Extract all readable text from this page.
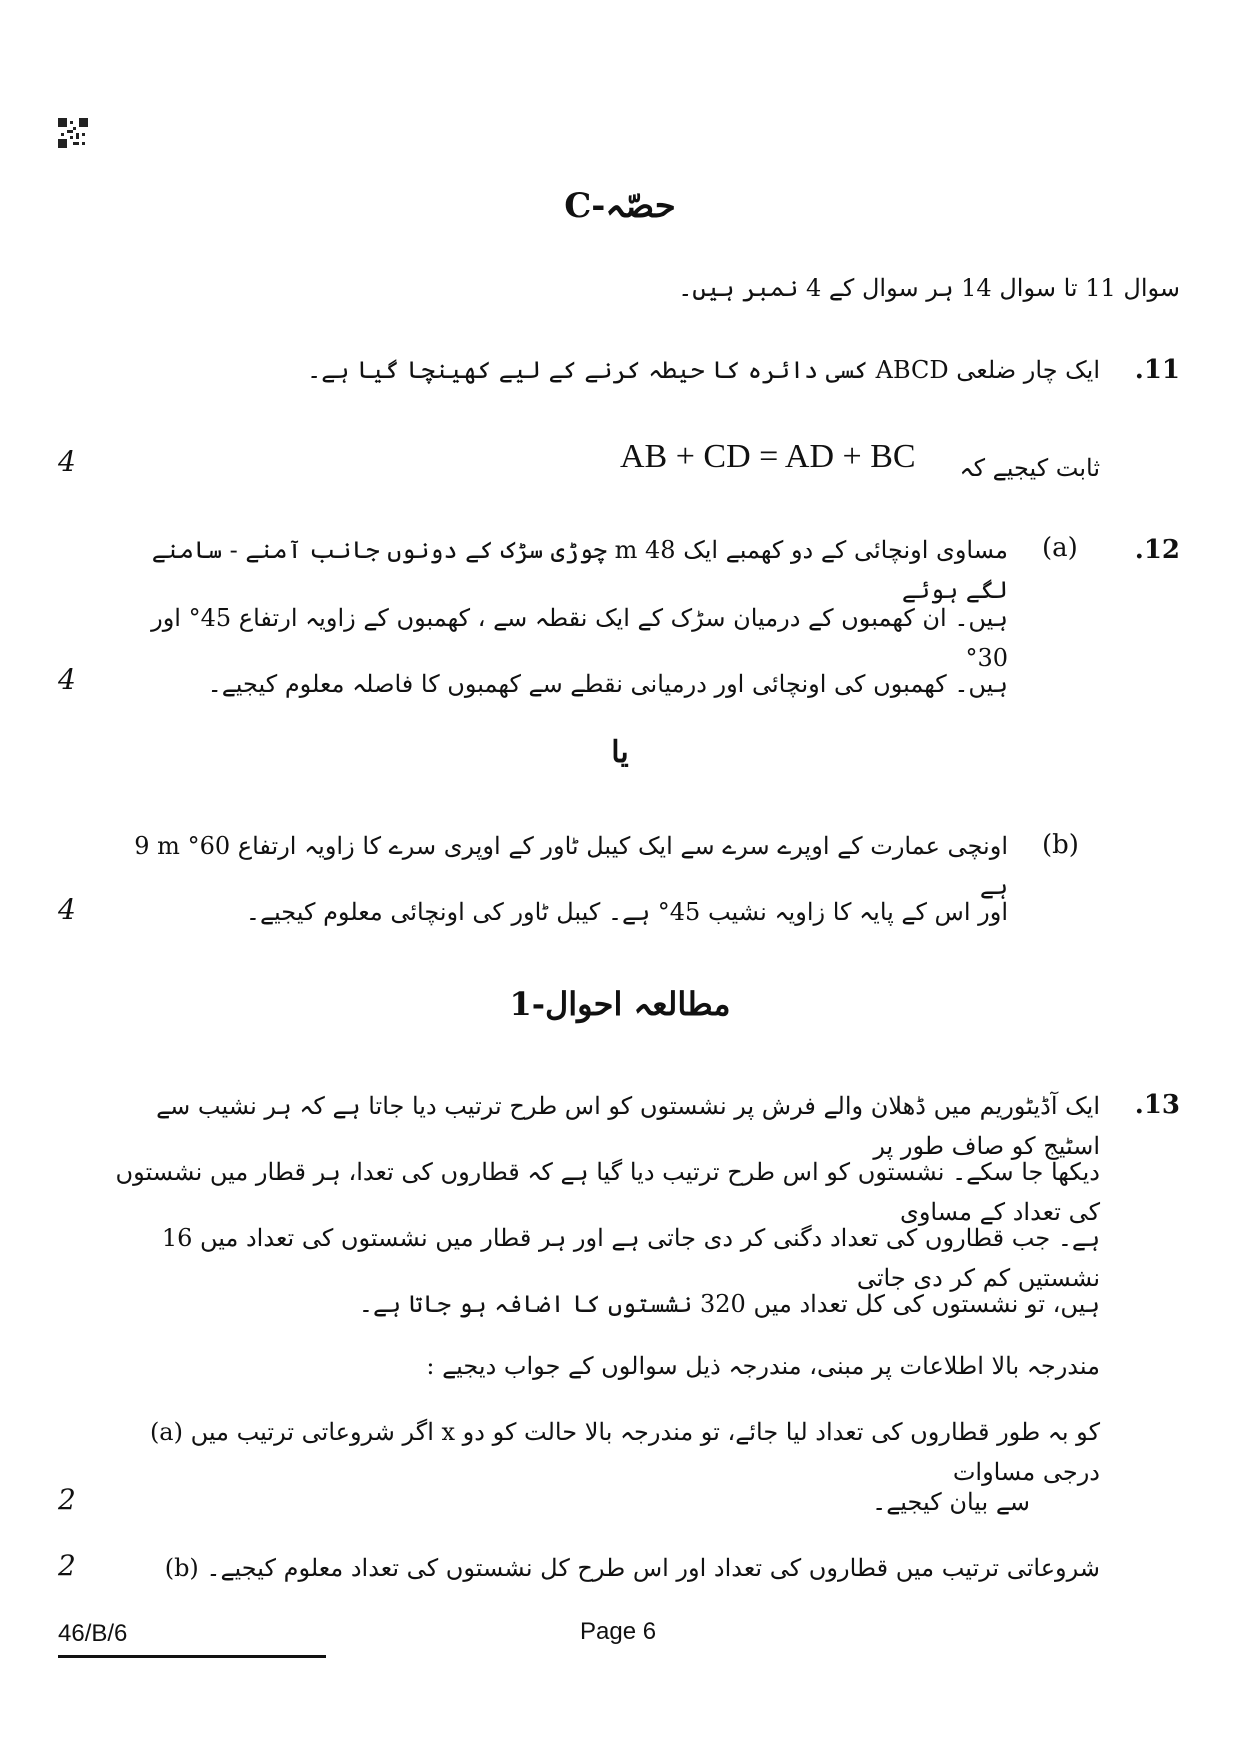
حصّہ-C
سوال 11 تا سوال 14 ہر سوال کے 4 نمبر ہیں۔
.11
ایک چار ضلعی ABCD کسی دائرہ کا حیطہ کرنے کے لیے کھینچا گیا ہے۔
ثابت کیجیے کہ
AB + CD = AD + BC
4
.12
(a)
مساوی اونچائی کے دو کھمبے ایک 48 m چوڑی سڑک کے دونوں جانب آمنے - سامنے لگے ہوئے
ہیں۔ ان کھمبوں کے درمیان سڑک کے ایک نقطہ سے ، کھمبوں کے زاویہ ارتفاع 45° اور 30°
ہیں۔ کھمبوں کی اونچائی اور درمیانی نقطے سے کھمبوں کا فاصلہ معلوم کیجیے۔
4
یا
(b)
9 m اونچی عمارت کے اوپرے سرے سے ایک کیبل ٹاور کے اوپری سرے کا زاویہ ارتفاع 60° ہے
اور اس کے پایہ کا زاویہ نشیب 45° ہے۔ کیبل ٹاور کی اونچائی معلوم کیجیے۔
4
مطالعہ احوال-1
.13
ایک آڈیٹوریم میں ڈھلان والے فرش پر نشستوں کو اس طرح ترتیب دیا جاتا ہے کہ ہر نشیب سے اسٹیج کو صاف طور پر
دیکھا جا سکے۔ نشستوں کو اس طرح ترتیب دیا گیا ہے کہ قطاروں کی تعدا، ہر قطار میں نشستوں کی تعداد کے مساوی
ہے۔ جب قطاروں کی تعداد دگنی کر دی جاتی ہے اور ہر قطار میں نشستوں کی تعداد میں 16 نشستیں کم کر دی جاتی
ہیں، تو نشستوں کی کل تعداد میں 320 نشستوں کا اضافہ ہو جاتا ہے۔
مندرجہ بالا اطلاعات پر مبنی، مندرجہ ذیل سوالوں کے جواب دیجیے :
(a) اگر شروعاتی ترتیب میں x کو بہ طور قطاروں کی تعداد لیا جائے، تو مندرجہ بالا حالت کو دو درجی مساوات
سے بیان کیجیے۔
2
(b) شروعاتی ترتیب میں قطاروں کی تعداد اور اس طرح کل نشستوں کی تعداد معلوم کیجیے۔
2
46/B/6	Page 6
